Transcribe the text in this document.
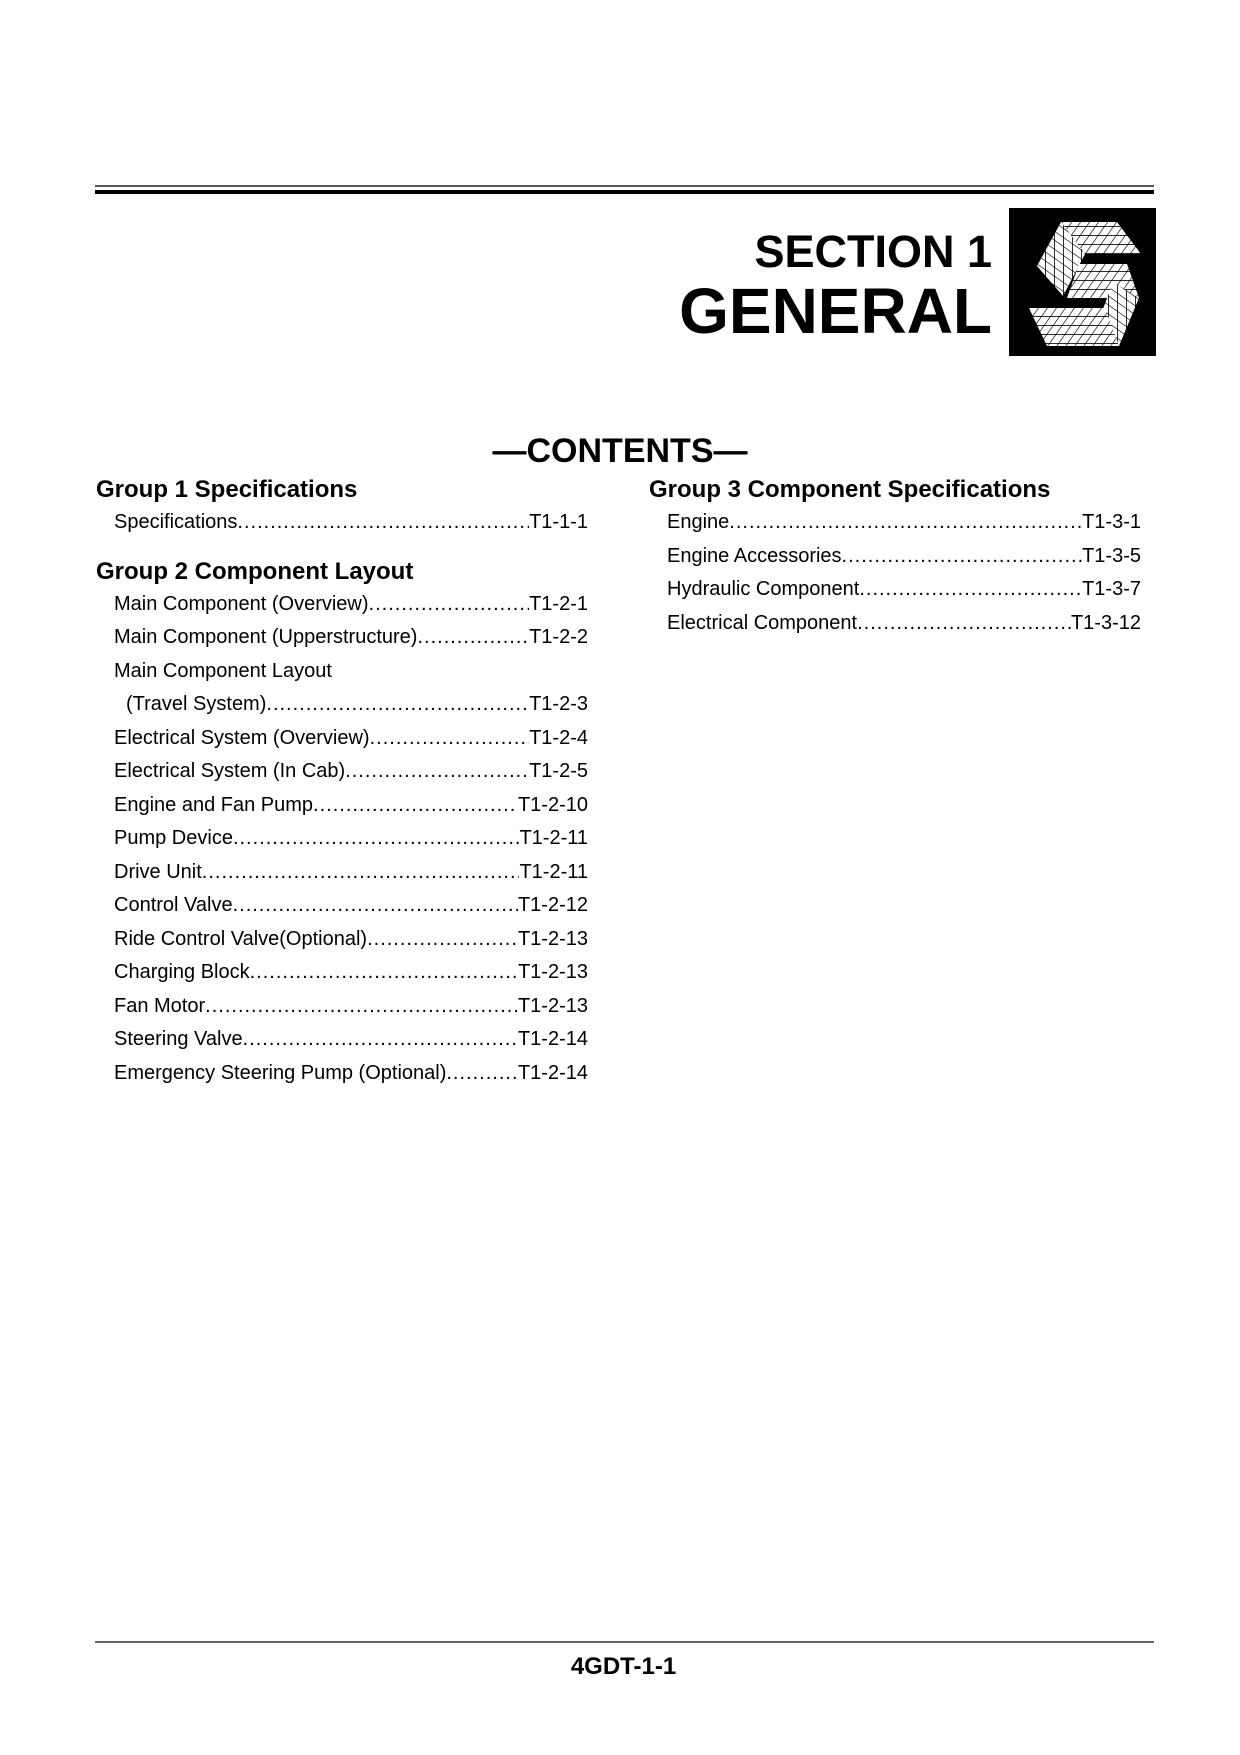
SECTION 1
GENERAL
—CONTENTS—
Group 1 Specifications
Specifications .....	T1-1-1
Group 2 Component Layout
Main Component (Overview) .....	T1-2-1
Main Component (Upperstructure) .....	T1-2-2
Main Component Layout
(Travel System) .....	T1-2-3
Electrical System (Overview) .....	T1-2-4
Electrical System (In Cab) .....	T1-2-5
Engine and Fan Pump .....	T1-2-10
Pump Device .....	T1-2-11
Drive Unit .....	T1-2-11
Control Valve .....	T1-2-12
Ride Control Valve(Optional) .....	T1-2-13
Charging Block .....	T1-2-13
Fan Motor .....	T1-2-13
Steering Valve .....	T1-2-14
Emergency Steering Pump (Optional) .....	T1-2-14
Group 3 Component Specifications
Engine .....	T1-3-1
Engine Accessories .....	T1-3-5
Hydraulic Component .....	T1-3-7
Electrical Component .....	T1-3-12
4GDT-1-1
